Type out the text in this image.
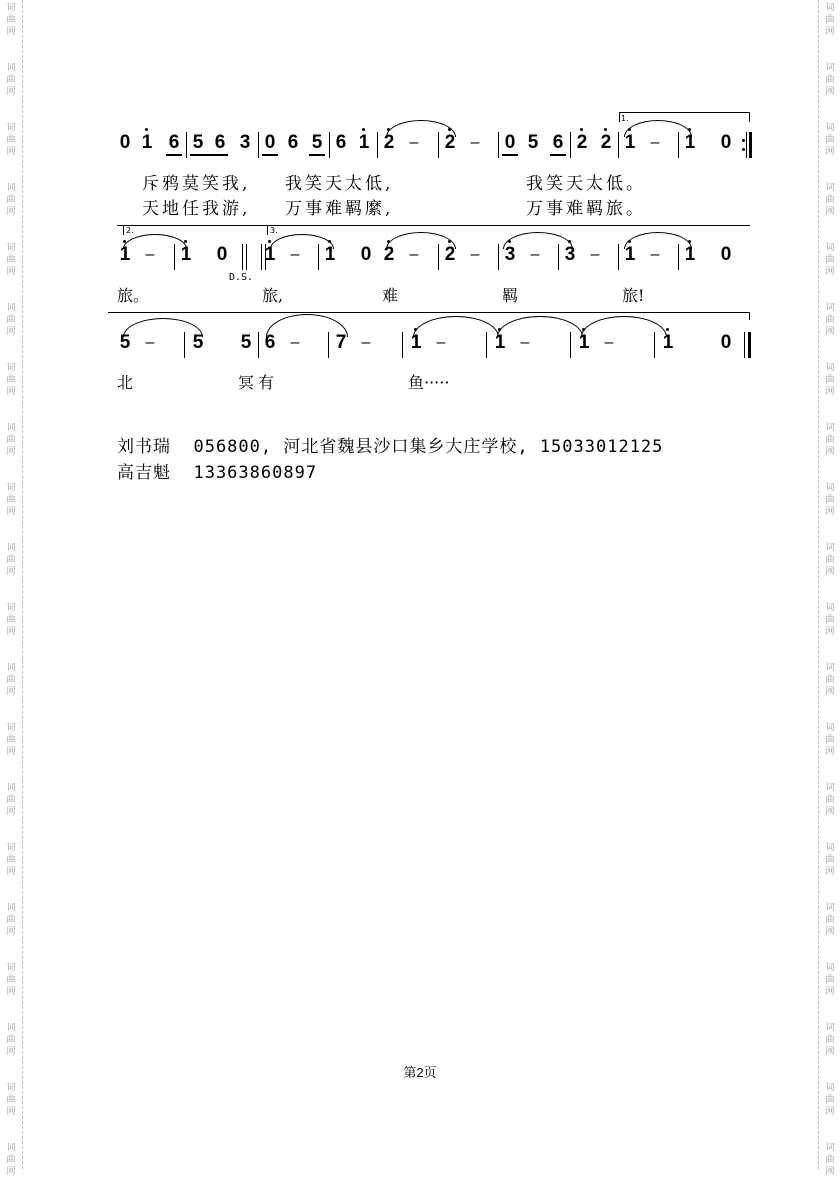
词
曲
网
词
曲
网
词
曲
网
词
曲
网
词
曲
网
词
曲
网
词
曲
网
词
曲
网
词
曲
网
词
曲
网
词
曲
网
词
曲
网
词
曲
网
词
曲
网
词
曲
网
词
曲
网
词
曲
网
词
曲
网
词
曲
网
词
曲
网
词
曲
网
词
曲
网
词
曲
网
词
曲
网
词
曲
网
词
曲
网
词
曲
网
词
曲
网
词
曲
网
词
曲
网
词
曲
网
词
曲
网
词
曲
网
词
曲
网
词
曲
网
词
曲
网
词
曲
网
词
曲
网
词
曲
网
词
曲
网
1.
0 1 6 5 6 3 0 6 5 6 1 2 – 2 – 0 5 6 2 2 1 – 1 0
斥鸦莫笑我, 我笑天太低,	我笑天太低。
天地任我游, 万事难羁縻,	万事难羁旅。
2.	3.
1 – 1 0
D.S.
1 – 1 0 2 – 2 – 3 – 3 – 1 – 1 0
旅。	旅,	难	羁	旅!
5 – 5 5 6 – 7 – 1 –	1 –	1 –	1 0
北	冥有	鱼·····
刘书瑞  056800, 河北省魏县沙口集乡大庄学校, 15033012125
高吉魁  13363860897
第2页
